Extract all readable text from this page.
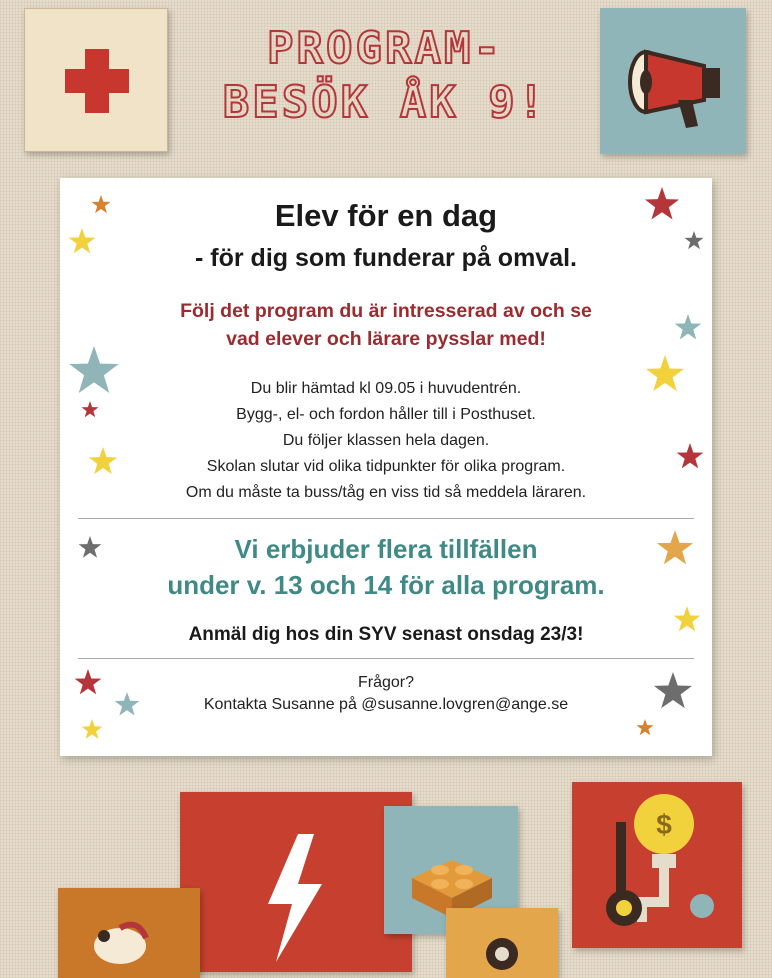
PROGRAM-
BESÖK ÅK 9!
Elev för en dag
- för dig som funderar på omval.
Följ det program du är intresserad av och se
vad elever och lärare pysslar med!
Du blir hämtad kl 09.05 i huvudentrén.
Bygg-, el- och fordon håller till i Posthuset.
Du följer klassen hela dagen.
Skolan slutar vid olika tidpunkter för olika program.
Om du måste ta buss/tåg en viss tid så meddela läraren.
Vi erbjuder flera tillfällen
under v. 13 och 14 för alla program.
Anmäl dig hos din SYV senast onsdag 23/3!
Frågor?
Kontakta Susanne på @susanne.lovgren@ange.se
$
